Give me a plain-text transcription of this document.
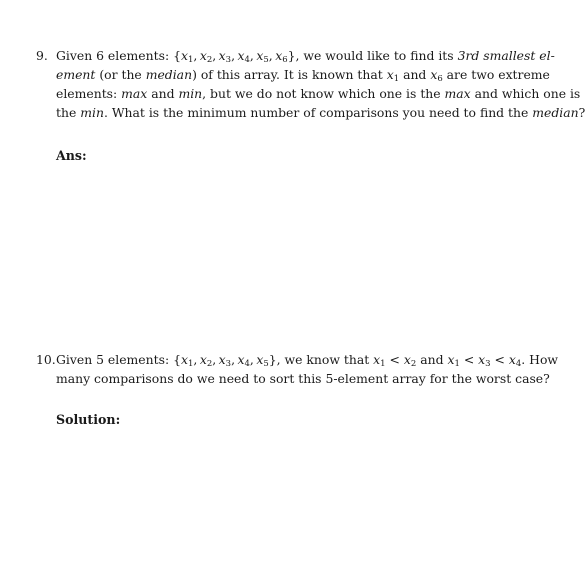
9. Given 6 elements: {$x_1$, $x_2$, $x_3$, $x_4$, $x_5$, $x_6$}, we would like to find its 3rd smallest el-
ement (or the median) of this array. It is known that $x_1$ and $x_6$ are two extreme
elements: max and min, but we do not know which one is the max and which one is
the min. What is the minimum number of comparisons you need to find the median?
Ans:
10. Given 5 elements: {$x_1$, $x_2$, $x_3$, $x_4$, $x_5$}, we know that $x_1 < x_2$ and $x_1 < x_3 < x_4$. How
many comparisons do we need to sort this 5-element array for the worst case?
Solution:
